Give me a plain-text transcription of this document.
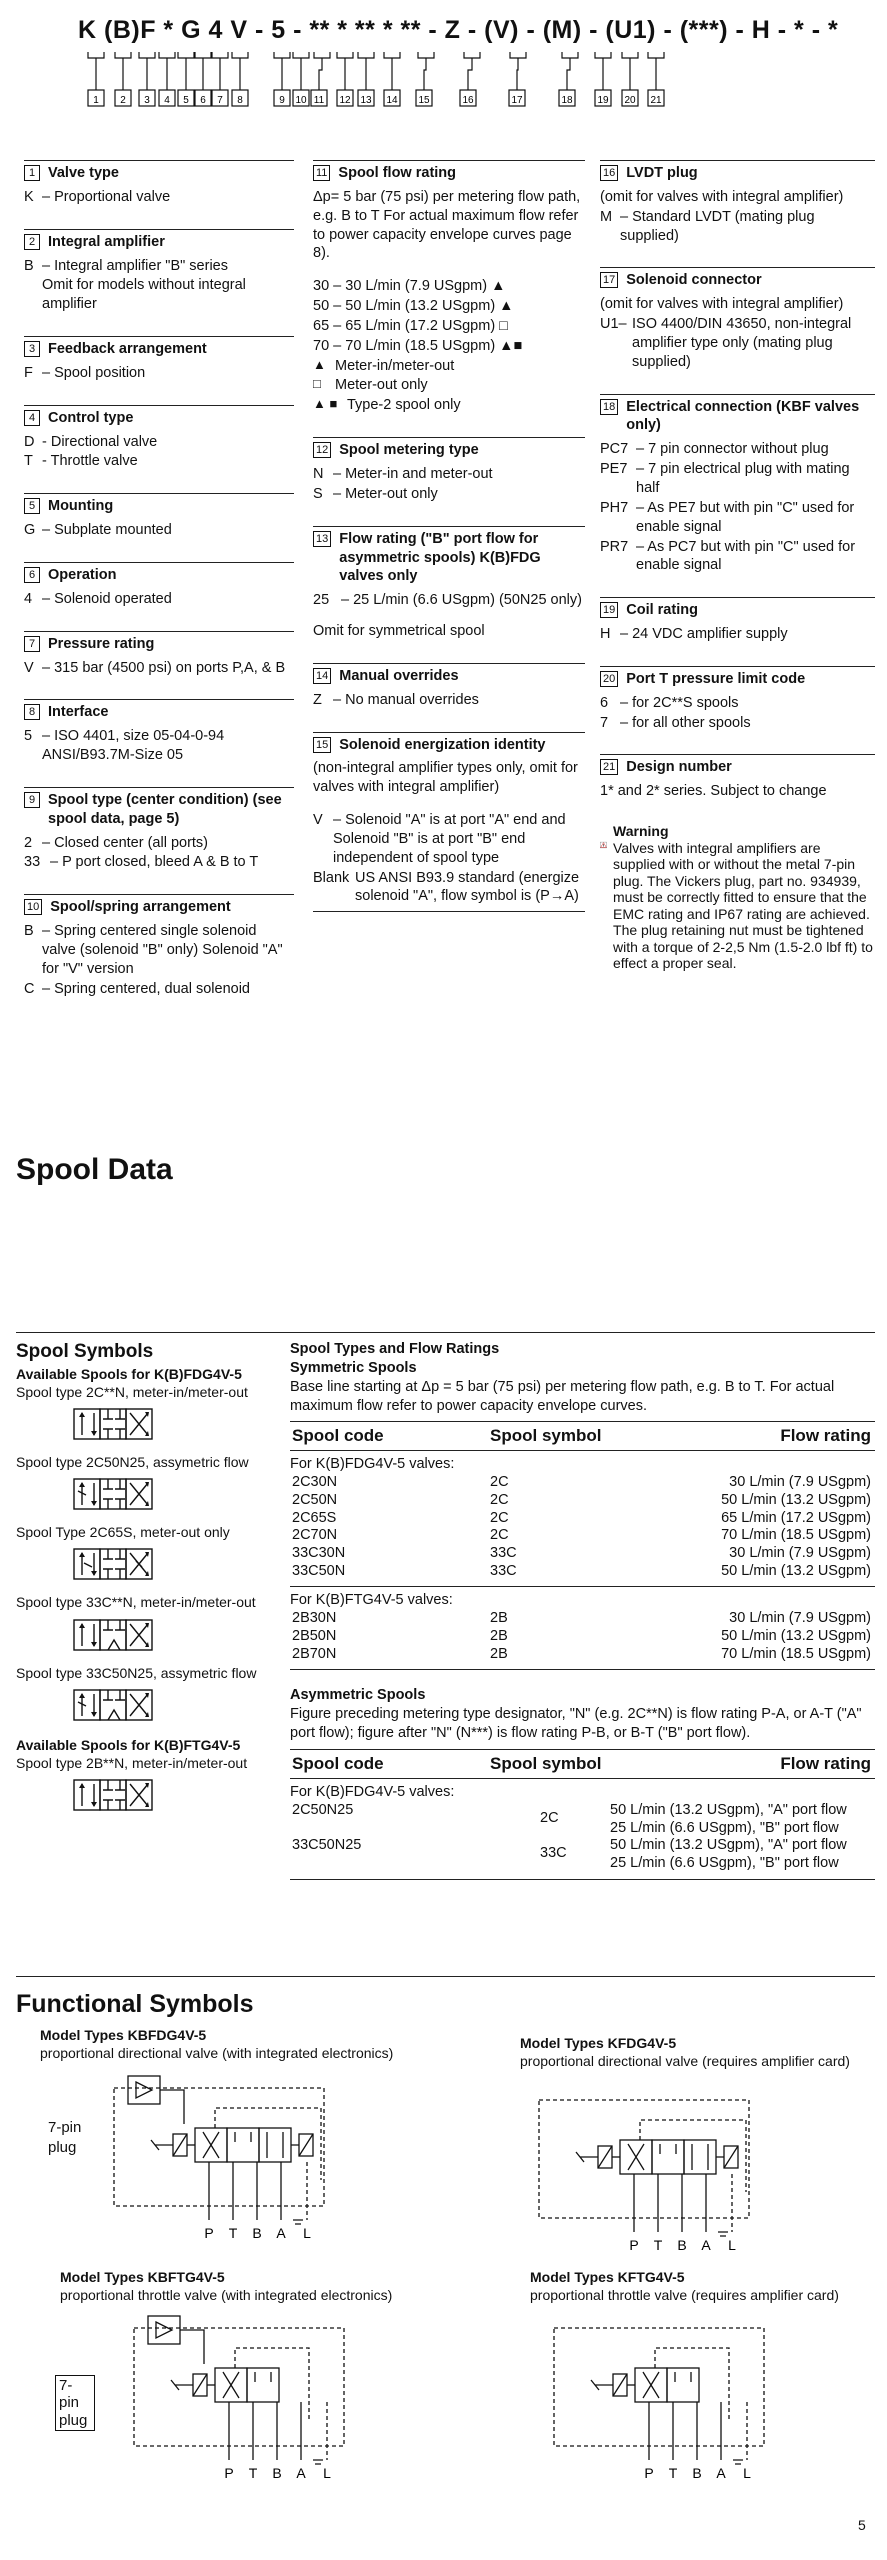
K (B)F * G 4 V - 5 - ** * ** * ** - Z - (V) - (M) - (U1) - (***) - H - * - *
1 2 3 4 5 6 7 8	9 10 11 12 13 14 15	16	17	18 19 20 21
1 Valve type
K – Proportional valve
2 Integral amplifier
B – Integral amplifier "B" series
Omit for models without integral amplifier
3 Feedback arrangement
F – Spool position
4 Control type
D - Directional valve
T - Throttle valve
5 Mounting
G – Subplate mounted
6 Operation
4 – Solenoid operated
7 Pressure rating
V – 315 bar (4500 psi) on ports P,A, & B
8 Interface
5 – ISO 4401, size 05-04-0-94 ANSI/B93.7M-Size 05
9 Spool type (center condition) (see spool data, page 5)
2 – Closed center (all ports)
33 – P port closed, bleed A & B to T
10 Spool/spring arrangement
B – Spring centered single solenoid valve (solenoid "B" only) Solenoid "A" for "V" version
C – Spring centered, dual solenoid
11 Spool flow rating
Δp= 5 bar (75 psi) per metering flow path, e.g. B to T For actual maximum flow refer to power capacity envelope curves page 8).
30 – 30 L/min (7.9 USgpm) ▲
50 – 50 L/min (13.2 USgpm) ▲
65 – 65 L/min (17.2 USgpm) □
70 – 70 L/min (18.5 USgpm) ▲■
▲ Meter-in/meter-out
□ Meter-out only
▲ ■ Type-2 spool only
12 Spool metering type
N – Meter-in and meter-out
S – Meter-out only
13 Flow rating ("B" port flow for asymmetric spools) K(B)FDG valves only
25 – 25 L/min (6.6 USgpm) (50N25 only)
Omit for symmetrical spool
14 Manual overrides
Z – No manual overrides
15 Solenoid energization identity
(non-integral amplifier types only, omit for valves with integral amplifier)
V – Solenoid "A" is at port "A" end and Solenoid "B" is at port "B" end independent of spool type
Blank US ANSI B93.9 standard (energize solenoid "A", flow symbol is (P→A)
16 LVDT plug
(omit for valves with integral amplifier)
M – Standard LVDT (mating plug supplied)
17 Solenoid connector
(omit for valves with integral amplifier)
U1– ISO 4400/DIN 43650, non-integral amplifier type only (mating plug supplied)
18 Electrical connection (KBF valves only)
PC7 – 7 pin connector without plug
PE7 – 7 pin electrical plug with mating half
PH7 – As PE7 but with pin "C" used for enable signal
PR7 – As PC7 but with pin "C" used for enable signal
19 Coil rating
H – 24 VDC amplifier supply
20 Port T pressure limit code
6 – for 2C**S spools
7 – for all other spools
21 Design number
1* and 2* series. Subject to change
Warning
Valves with integral amplifiers are supplied with or without the metal 7-pin plug. The Vickers plug, part no. 934939, must be correctly fitted to ensure that the EMC rating and IP67 rating are achieved. The plug retaining nut must be tightened with a torque of 2-2,5 Nm (1.5-2.0 lbf ft) to effect a proper seal.
Spool Data
Spool Symbols
Available Spools for K(B)FDG4V-5
Spool type 2C**N, meter-in/meter-out
Spool type 2C50N25, assymetric flow
Spool Type 2C65S, meter-out only
Spool type 33C**N, meter-in/meter-out
Spool type 33C50N25, assymetric flow
Available Spools for K(B)FTG4V-5
Spool type 2B**N, meter-in/meter-out
Spool Types and Flow Ratings
Symmetric Spools
Base line starting at Δp = 5 bar (75 psi) per metering flow path, e.g. B to T. For actual maximum flow refer to power capacity envelope curves.
Spool code	Spool symbol	Flow rating
For K(B)FDG4V-5 valves:
2C30N	2C	30 L/min (7.9 USgpm)
2C50N	2C	50 L/min (13.2 USgpm)
2C65S	2C	65 L/min (17.2 USgpm)
2C70N	2C	70 L/min (18.5 USgpm)
33C30N	33C	30 L/min (7.9 USgpm)
33C50N	33C	50 L/min (13.2 USgpm)
For K(B)FTG4V-5 valves:
2B30N	2B	30 L/min (7.9 USgpm)
2B50N	2B	50 L/min (13.2 USgpm)
2B70N	2B	70 L/min (18.5 USgpm)
Asymmetric Spools
Figure preceding metering type designator, "N" (e.g. 2C**N) is flow rating P-A, or A-T ("A" port flow); figure after "N" (N***) is flow rating P-B, or B-T ("B" port flow).
Spool code	Spool symbol	Flow rating
For K(B)FDG4V-5 valves:
2C50N25	2C	50 L/min (13.2 USgpm), "A" port flow
25 L/min (6.6 USgpm), "B" port flow
33C50N25	33C	50 L/min (13.2 USgpm), "A" port flow
25 L/min (6.6 USgpm), "B" port flow
Functional Symbols
Model Types KBFDG4V-5
proportional directional valve (with integrated electronics)
Model Types KFDG4V-5
proportional directional valve (requires amplifier card)
Model Types KBFTG4V-5
proportional throttle valve (with integrated electronics)
Model Types KFTG4V-5
proportional throttle valve (requires amplifier card)
7-pin plug
7-pin plug
P T B A L
P T B A L
P T B A L	P T B A L
5
